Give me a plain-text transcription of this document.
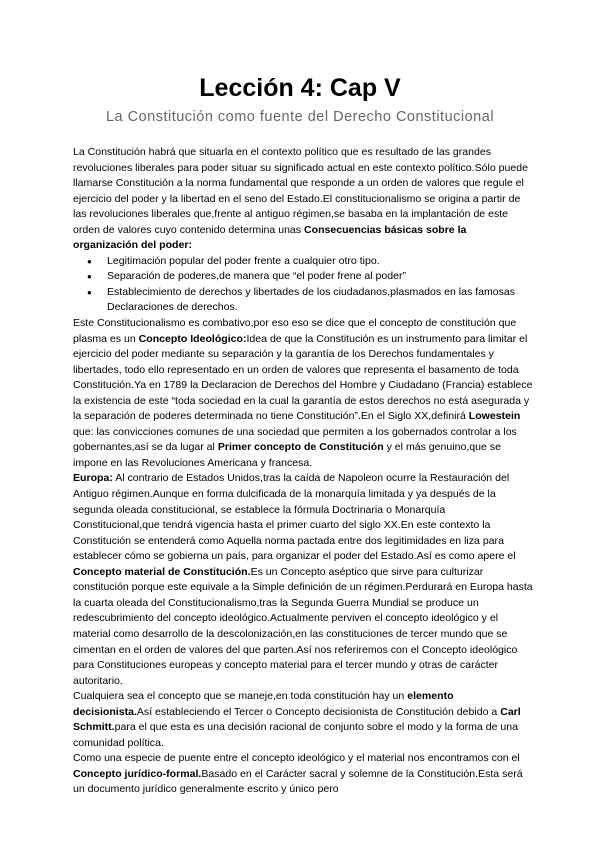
Lección 4: Cap V
La Constitución como fuente del Derecho Constitucional

La Constitución habrá que situarla en el contexto político que es resultado de las grandes revoluciones liberales para poder situar su significado actual en este contexto político.Sólo puede llamarse Constitución a la norma fundamental que responde a un orden de valores que regule el ejercicio del poder y la libertad en el seno del Estado.El constitucionalismo se origina a partir de las revoluciones liberales que,frente al antiguo régimen,se basaba en la implantación de este orden de valores cuyo contenido determina unas Consecuencias básicas sobre la organización del poder:

● Legitimación popular del poder frente a cualquier otro tipo.
● Separación de poderes,de manera que “el poder frene al poder”
● Establecimiento de derechos y libertades de los ciudadanos,plasmados en las famosas Declaraciones de derechos.

Este Constitucionalismo es combativo,por eso eso se dice que el concepto de constitución que plasma es un Concepto Ideológico:Idea de que la Constitución es un instrumento para limitar el ejercicio del poder mediante su separación y la garantía de los Derechos fundamentales y libertades, todo ello representado en un orden de valores que representa el basamento de toda Constitución.Ya en 1789 la Declaracion de Derechos del Hombre y Ciudadano (Francia) establece la existencia de este “toda sociedad en la cual la garantía de estos derechos no está asegurada y la separación de poderes determinada no tiene Constitución”.En el Siglo XX,definirá Lowestein que: las convicciones comunes de una sociedad que permiten a los gobernados controlar a los gobernantes,así se da lugar al Primer concepto de Constitución y el más genuino,que se impone en las Revoluciones Americana y francesa.

Europa: Al contrario de Estados Unidos,tras la caída de Napoleon ocurre la Restauración del Antiguo régimen.Aunque en forma dulcificada de la monarquía limitada y ya después de la segunda oleada constitucional, se establece la fórmula Doctrinaria o Monarquía Constitucional,que tendrá vigencia hasta el primer cuarto del siglo XX.En este contexto la Constitución se entenderá como Aquella norma pactada entre dos legitimidades en liza para establecer cómo se gobierna un país, para organizar el poder del Estado.Así es como apere el Concepto material de Constitución.Es un Concepto aséptico que sirve para culturizar constitución porque este equivale a la Simple definición de un régimen.Perdurará en Europa hasta la cuarta oleada del Constitucionalismo,tras la Segunda Guerra Mundial se produce un redescubrimiento del concepto ideológico.Actualmente perviven el concepto ideológico y el material como desarrollo de la descolonización,en las constituciones de tercer mundo que se cimentan en el orden de valores del que parten.Así nos referiremos con el Concepto ideológico para Constituciones europeas y concepto material para el tercer mundo y otras de carácter autoritario.

Cualquiera sea el concepto que se maneje,en toda constitución hay un elemento decisionista.Así estableciendo el Tercer o Concepto decisionista de Constitución debido a Carl Schmitt.para el que esta es una decisión racional de conjunto sobre el modo y la forma de una comunidad política.

Como una especie de puente entre el concepto ideológico y el material nos encontramos con el Concepto jurídico-formal.Basado en el Carácter sacral y solemne de la Constitución.Esta será un documento jurídico generalmente escrito y único pero
